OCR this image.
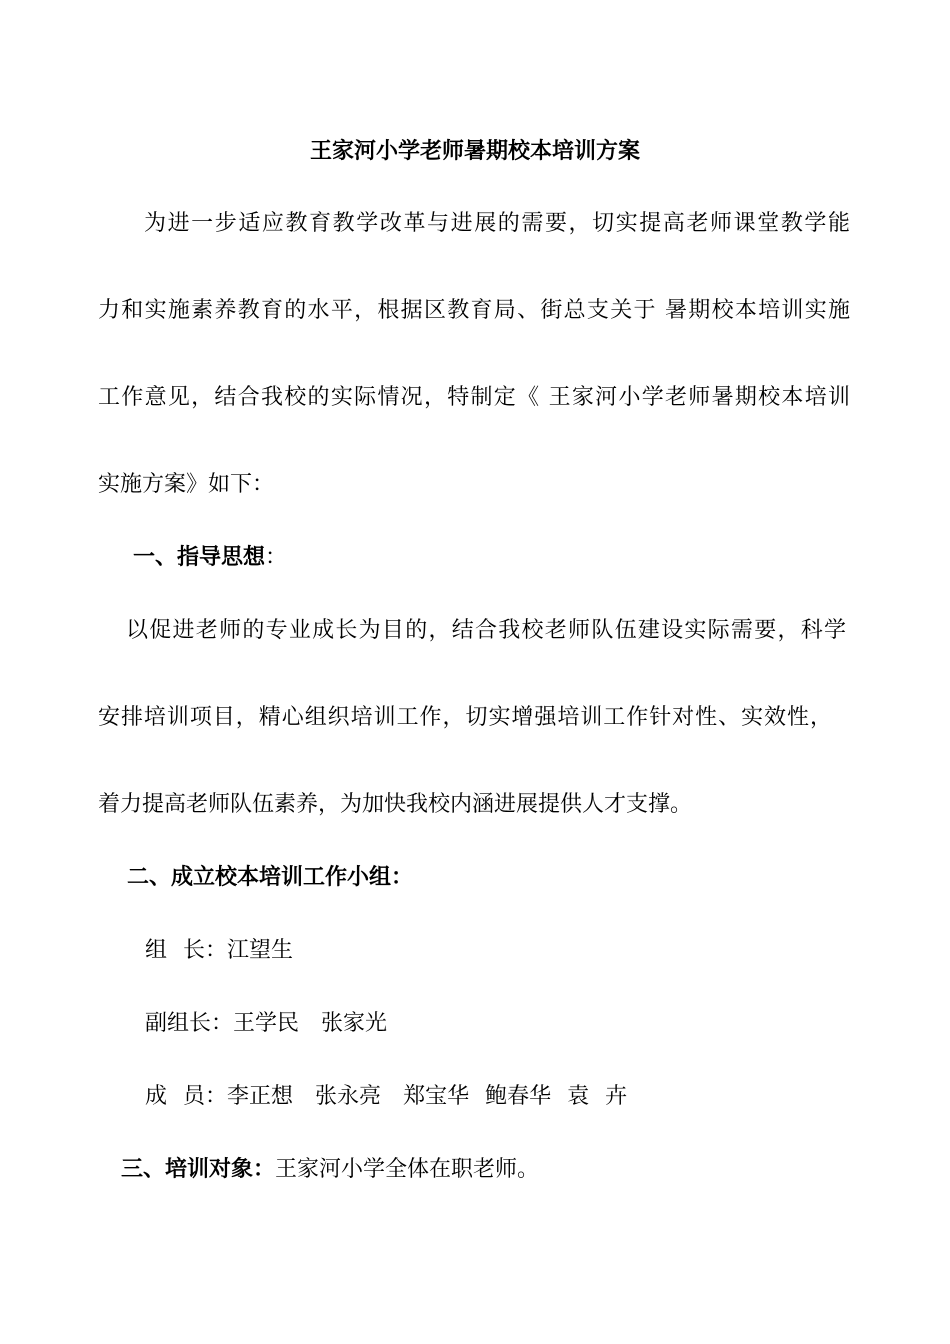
王家河小学老师暑期校本培训方案
为进一步适应教育教学改革与进展的需要，切实提高老师课堂教学能
力和实施素养教育的水平，根据区教育局、街总支关于 暑期校本培训实施
工作意见，结合我校的实际情况，特制定《 王家河小学老师暑期校本培训
实施方案》如下：
一、指导思想：
以促进老师的专业成长为目的，结合我校老师队伍建设实际需要，科学
安排培训项目，精心组织培训工作，切实增强培训工作针对性、实效性，
着力提高老师队伍素养，为加快我校内涵进展提供人才支撑。
二、成立校本培训工作小组：
组 长：江望生
副组长：王学民 张家光
成 员：李正想 张永亮 郑宝华 鲍春华 袁 卉
三、培训对象：王家河小学全体在职老师。
